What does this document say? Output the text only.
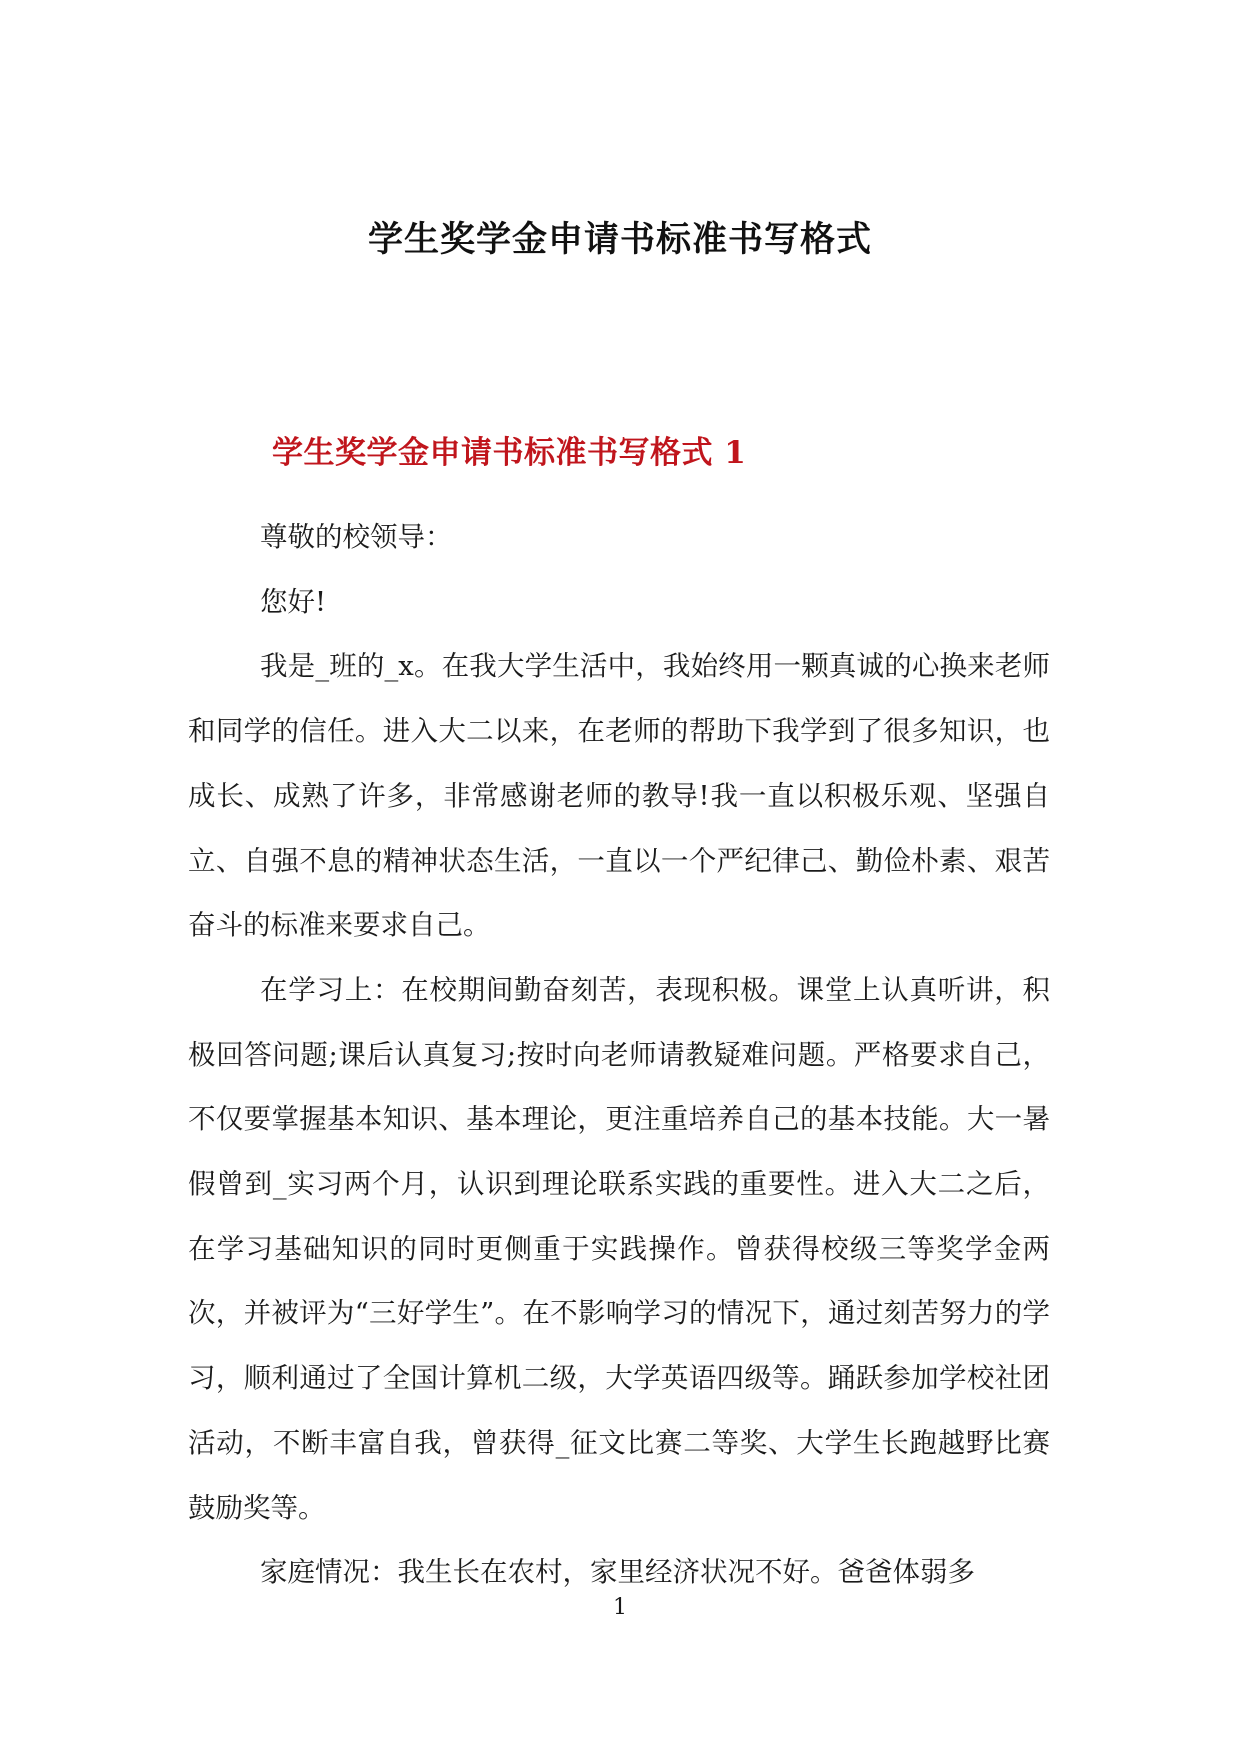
学生奖学金申请书标准书写格式
学生奖学金申请书标准书写格式 1

尊敬的校领导：

您好!

我是_班的_x。在我大学生活中，我始终用一颗真诚的心换来老师和同学的信任。进入大二以来，在老师的帮助下我学到了很多知识，也成长、成熟了许多，非常感谢老师的教导!我一直以积极乐观、坚强自立、自强不息的精神状态生活，一直以一个严纪律己、勤俭朴素、艰苦奋斗的标准来要求自己。

在学习上：在校期间勤奋刻苦，表现积极。课堂上认真听讲，积极回答问题;课后认真复习;按时向老师请教疑难问题。严格要求自己，不仅要掌握基本知识、基本理论，更注重培养自己的基本技能。大一暑假曾到_实习两个月，认识到理论联系实践的重要性。进入大二之后，在学习基础知识的同时更侧重于实践操作。曾获得校级三等奖学金两次，并被评为“三好学生”。在不影响学习的情况下，通过刻苦努力的学习，顺利通过了全国计算机二级，大学英语四级等。踊跃参加学校社团活动，不断丰富自我，曾获得_征文比赛二等奖、大学生长跑越野比赛鼓励奖等。

家庭情况：我生长在农村，家里经济状况不好。爸爸体弱多

1
